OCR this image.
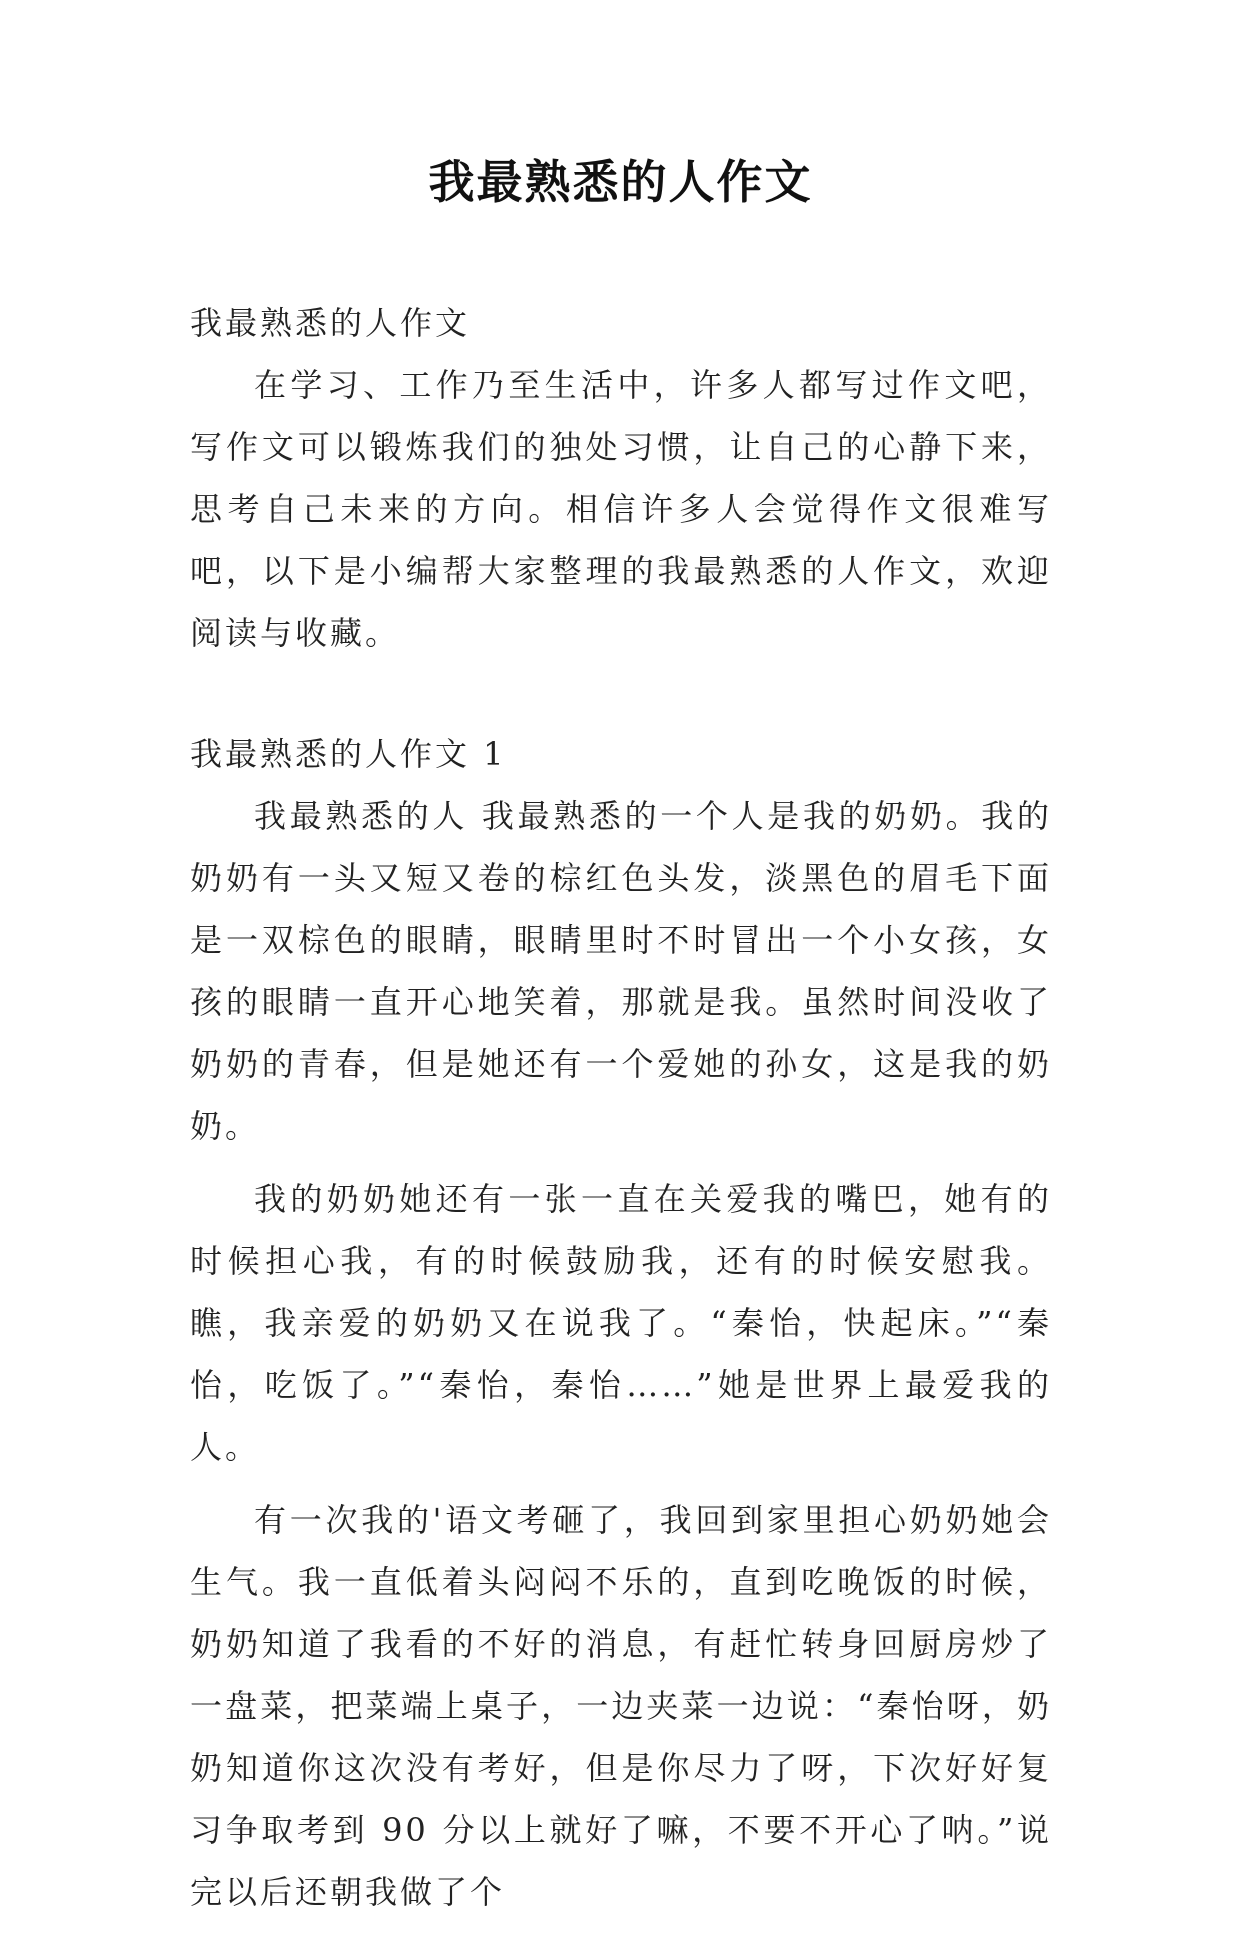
我最熟悉的人作文

我最熟悉的人作文

在学习、工作乃至生活中，许多人都写过作文吧，写作文可以锻炼我们的独处习惯，让自己的心静下来，思考自己未来的方向。相信许多人会觉得作文很难写吧，以下是小编帮大家整理的我最熟悉的人作文，欢迎阅读与收藏。

我最熟悉的人作文 1

我最熟悉的人 我最熟悉的一个人是我的奶奶。我的奶奶有一头又短又卷的棕红色头发，淡黑色的眉毛下面是一双棕色的眼睛，眼睛里时不时冒出一个小女孩，女孩的眼睛一直开心地笑着，那就是我。虽然时间没收了奶奶的青春，但是她还有一个爱她的孙女，这是我的奶奶。

我的奶奶她还有一张一直在关爱我的嘴巴，她有的时候担心我，有的时候鼓励我，还有的时候安慰我。瞧，我亲爱的奶奶又在说我了。“秦怡，快起床。”“秦怡，吃饭了。”“秦怡，秦怡……”她是世界上最爱我的人。

有一次我的'语文考砸了，我回到家里担心奶奶她会生气。我一直低着头闷闷不乐的，直到吃晚饭的时候，奶奶知道了我看的不好的消息，有赶忙转身回厨房炒了一盘菜，把菜端上桌子，一边夹菜一边说：“秦怡呀，奶奶知道你这次没有考好，但是你尽力了呀，下次好好复习争取考到 90 分以上就好了嘛，不要不开心了呐。”说完以后还朝我做了个
